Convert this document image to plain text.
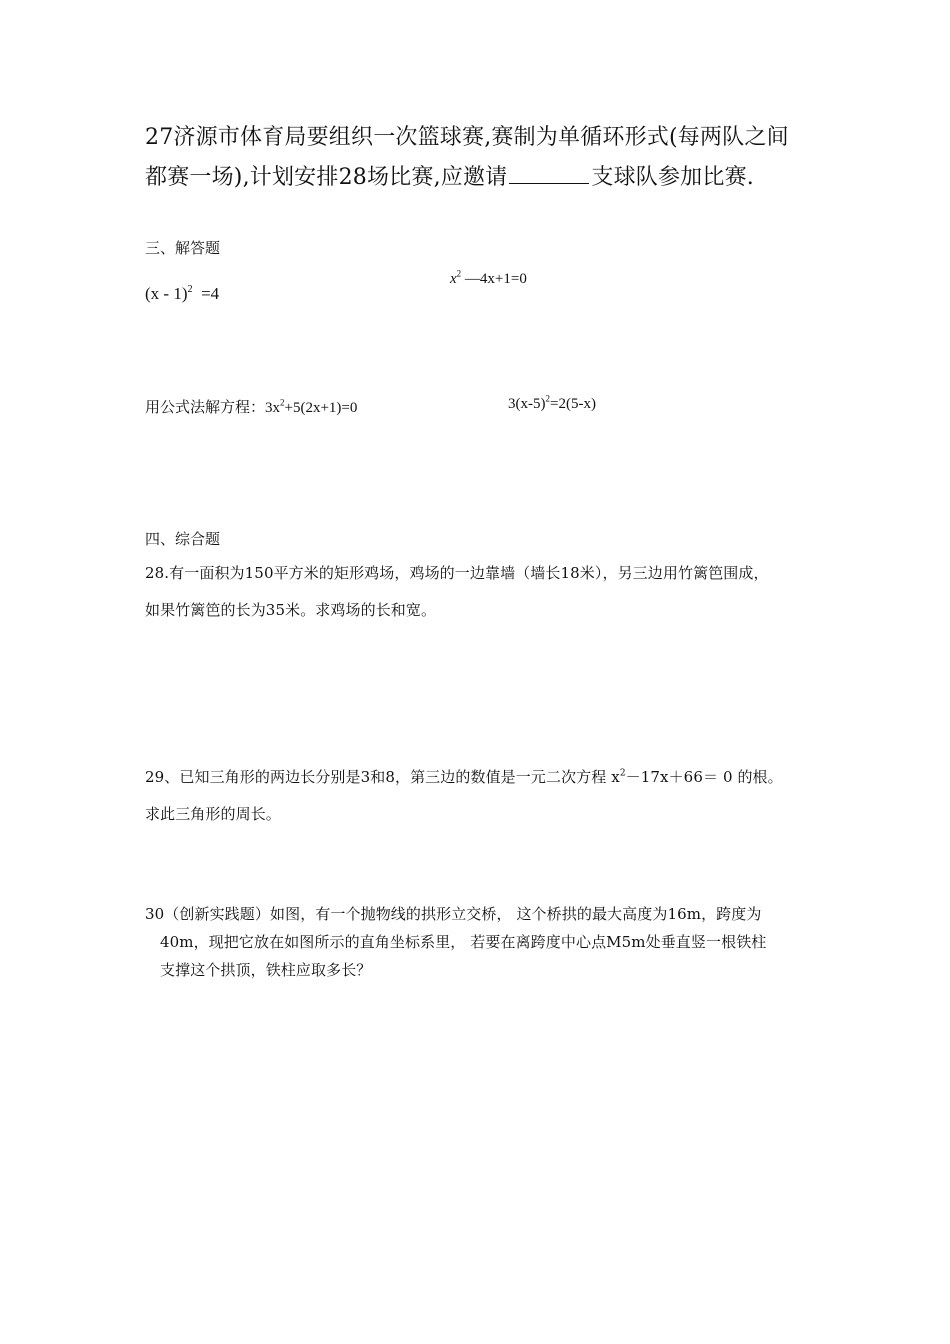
27济源市体育局要组织一次篮球赛,赛制为单循环形式(每两队之间
都赛一场),计划安排28场比赛,应邀请	支球队参加比赛.
三、解答题
(x - 1)$^2$ =4
$x^2$ —4x+1=0
用公式法解方程：$3x^2+5(2x+1)=0$	$3(x-5)^2=2(5-x)$
四、综合题
28.有一面积为150平方米的矩形鸡场，鸡场的一边靠墙（墙长18米），另三边用竹篱笆围成，
如果竹篱笆的长为35米。求鸡场的长和宽。
29、已知三角形的两边长分别是3和8，第三边的数值是一元二次方程 $x^2-17x+66= 0$ 的根。
求此三角形的周长。
30（创新实践题）如图，有一个抛物线的拱形立交桥， 这个桥拱的最大高度为16m，跨度为
40m，现把它放在如图所示的直角坐标系里， 若要在离跨度中心点M5m处垂直竖一根铁柱
支撑这个拱顶，铁柱应取多长？
